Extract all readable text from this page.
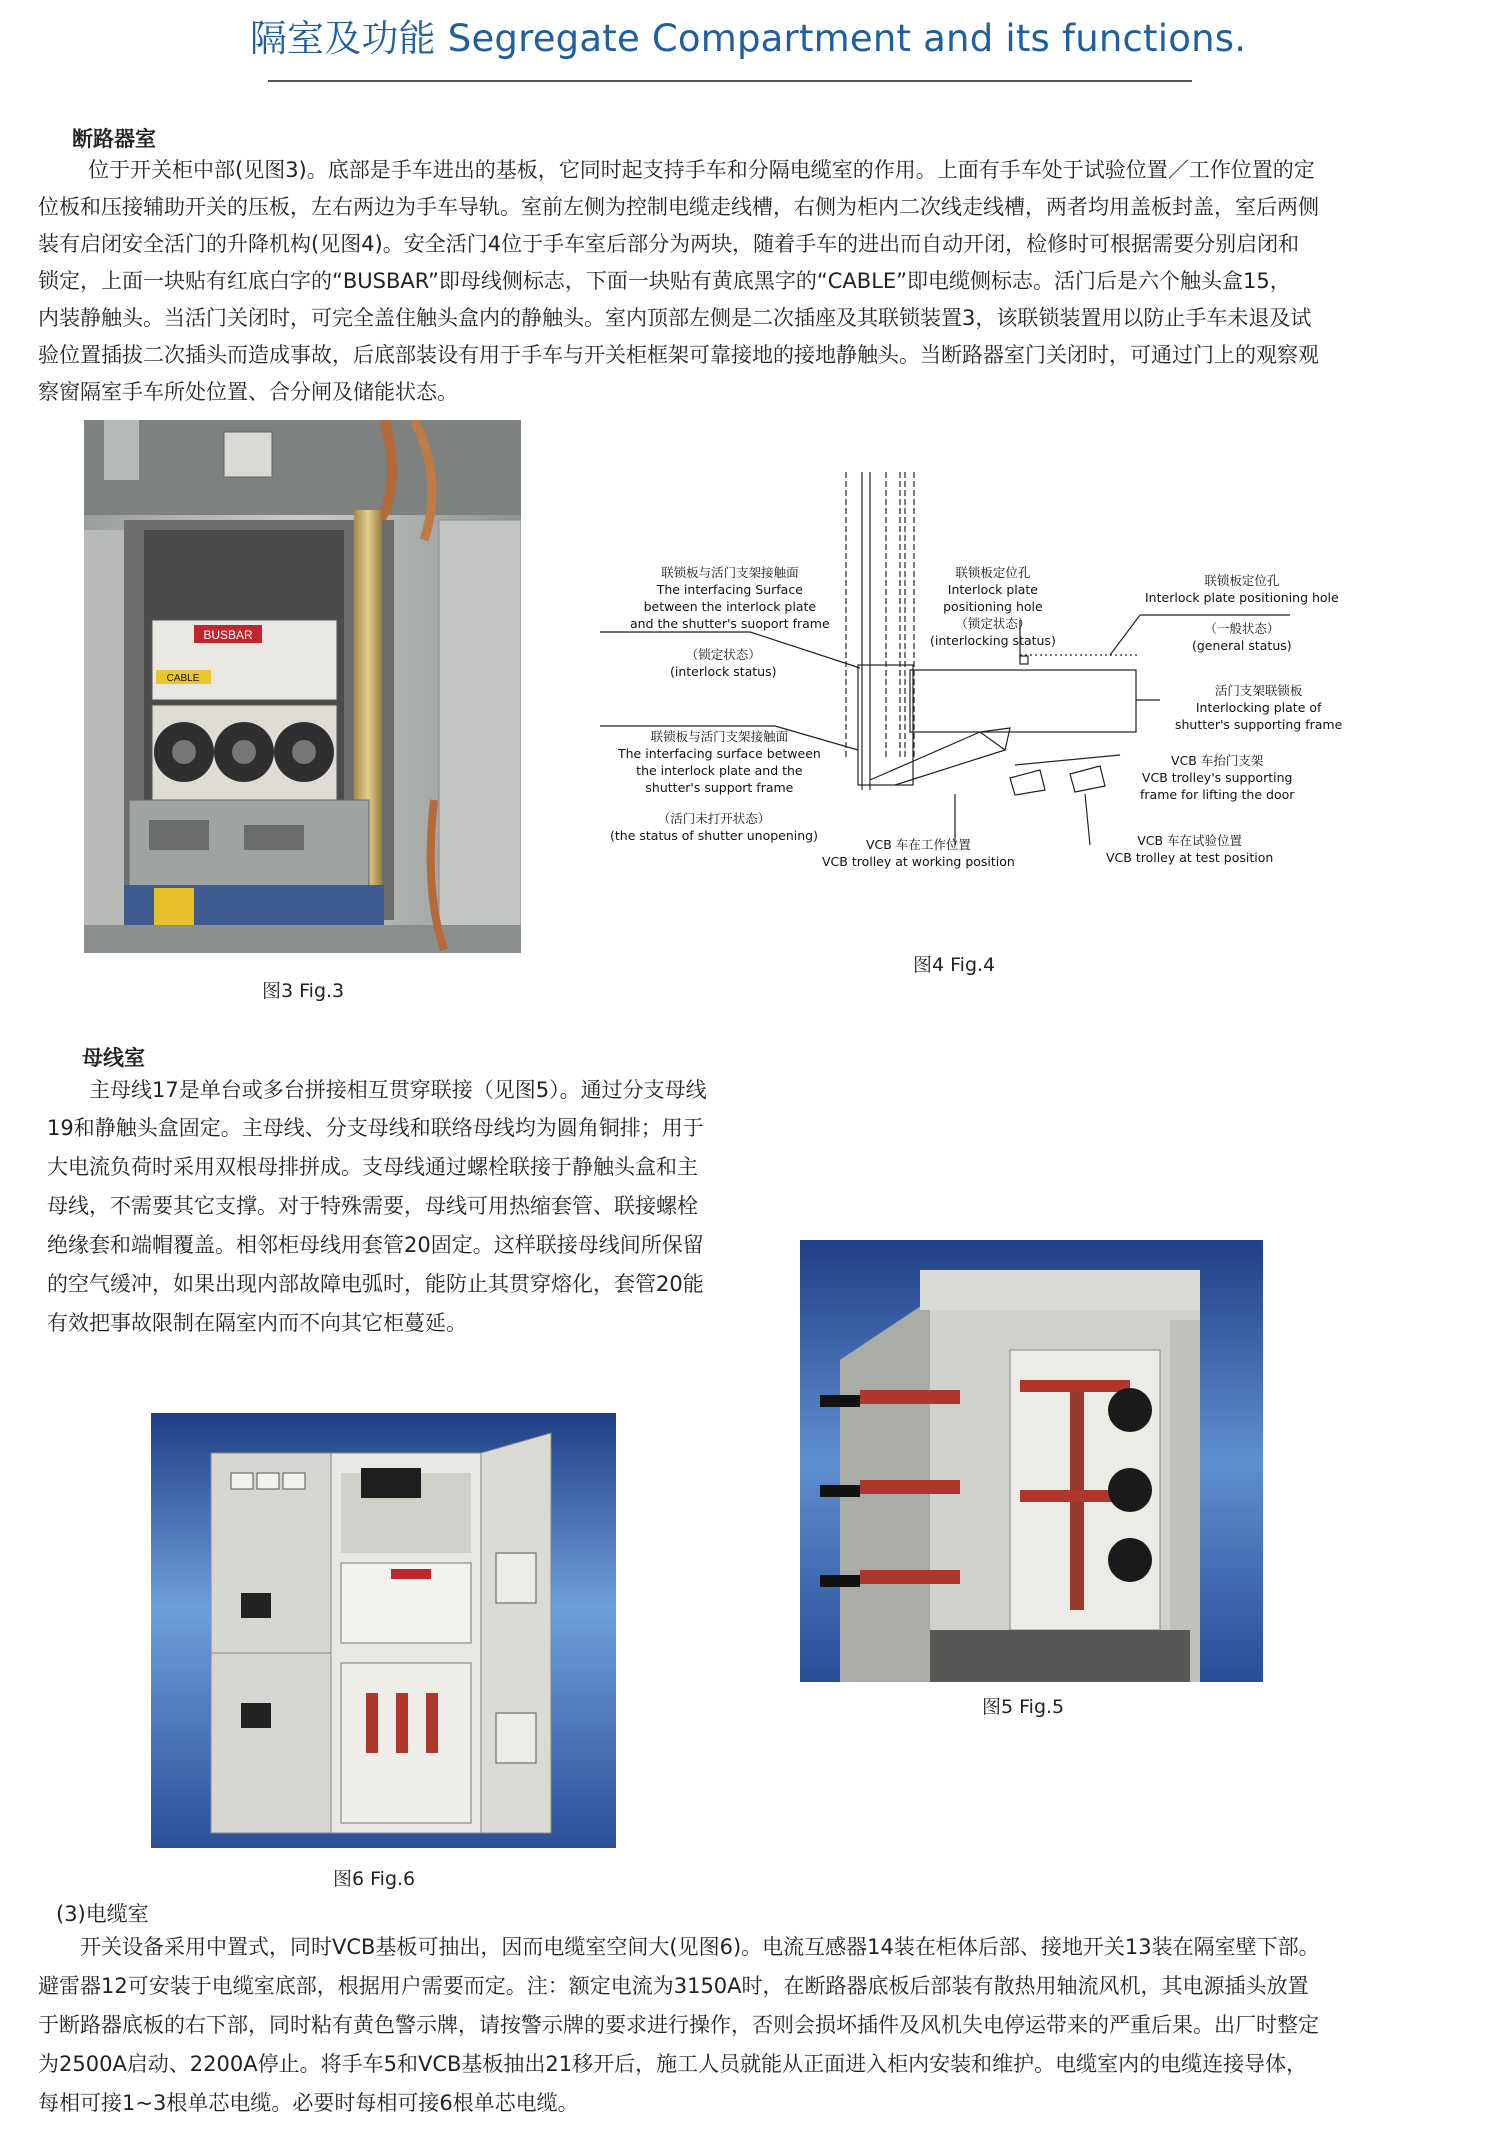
隔室及功能 Segregate Compartment and its functions.
断路器室
位于开关柜中部(见图3)。底部是手车进出的基板，它同时起支持手车和分隔电缆室的作用。上面有手车处于试验位置／工作位置的定
位板和压接辅助开关的压板，左右两边为手车导轨。室前左侧为控制电缆走线槽，右侧为柜内二次线走线槽，两者均用盖板封盖，室后两侧
装有启闭安全活门的升降机构(见图4)。安全活门4位于手车室后部分为两块，随着手车的进出而自动开闭，检修时可根据需要分别启闭和
锁定，上面一块贴有红底白字的“BUSBAR”即母线侧标志，下面一块贴有黄底黑字的“CABLE”即电缆侧标志。活门后是六个触头盒15，
内装静触头。当活门关闭时，可完全盖住触头盒内的静触头。室内顶部左侧是二次插座及其联锁装置3，该联锁装置用以防止手车未退及试
验位置插拔二次插头而造成事故，后底部装设有用于手车与开关柜框架可靠接地的接地静触头。当断路器室门关闭时，可通过门上的观察观
察窗隔室手车所处位置、合分闸及储能状态。
BUSBAR
CABLE
图3 Fig.3
联锁板与活门支架接触面
The interfacing Surface
between the interlock plate
and the shutter's suoport frame
（锁定状态）
(interlock status)
联锁板与活门支架接触面
The interfacing surface between
the interlock plate and the
shutter's support frame
（活门未打开状态）
(the status of shutter unopening)
联锁板定位孔
Interlock plate
positioning hole
（锁定状态）
(interlocking status)
联锁板定位孔
Interlock plate positioning hole
（一般状态）
(general status)
活门支架联锁板
Interlocking plate of
shutter's supporting frame
VCB 车抬门支架
VCB trolley's supporting
frame for lifting the door
VCB 车在工作位置
VCB trolley at working position
VCB 车在试验位置
VCB trolley at test position
图4 Fig.4
母线室
主母线17是单台或多台拼接相互贯穿联接（见图5）。通过分支母线
19和静触头盒固定。主母线、分支母线和联络母线均为圆角铜排；用于
大电流负荷时采用双根母排拼成。支母线通过螺栓联接于静触头盒和主
母线，不需要其它支撑。对于特殊需要，母线可用热缩套管、联接螺栓
绝缘套和端帽覆盖。相邻柜母线用套管20固定。这样联接母线间所保留
的空气缓冲，如果出现内部故障电弧时，能防止其贯穿熔化，套管20能
有效把事故限制在隔室内而不向其它柜蔓延。
图5 Fig.5
图6 Fig.6
(3)电缆室
开关设备采用中置式，同时VCB基板可抽出，因而电缆室空间大(见图6)。电流互感器14装在柜体后部、接地开关13装在隔室壁下部。
避雷器12可安装于电缆室底部，根据用户需要而定。注：额定电流为3150A时，在断路器底板后部装有散热用轴流风机，其电源插头放置
于断路器底板的右下部，同时粘有黄色警示牌，请按警示牌的要求进行操作，否则会损坏插件及风机失电停运带来的严重后果。出厂时整定
为2500A启动、2200A停止。将手车5和VCB基板抽出21移开后，施工人员就能从正面进入柜内安装和维护。电缆室内的电缆连接导体，
每相可接1~3根单芯电缆。必要时每相可接6根单芯电缆。
